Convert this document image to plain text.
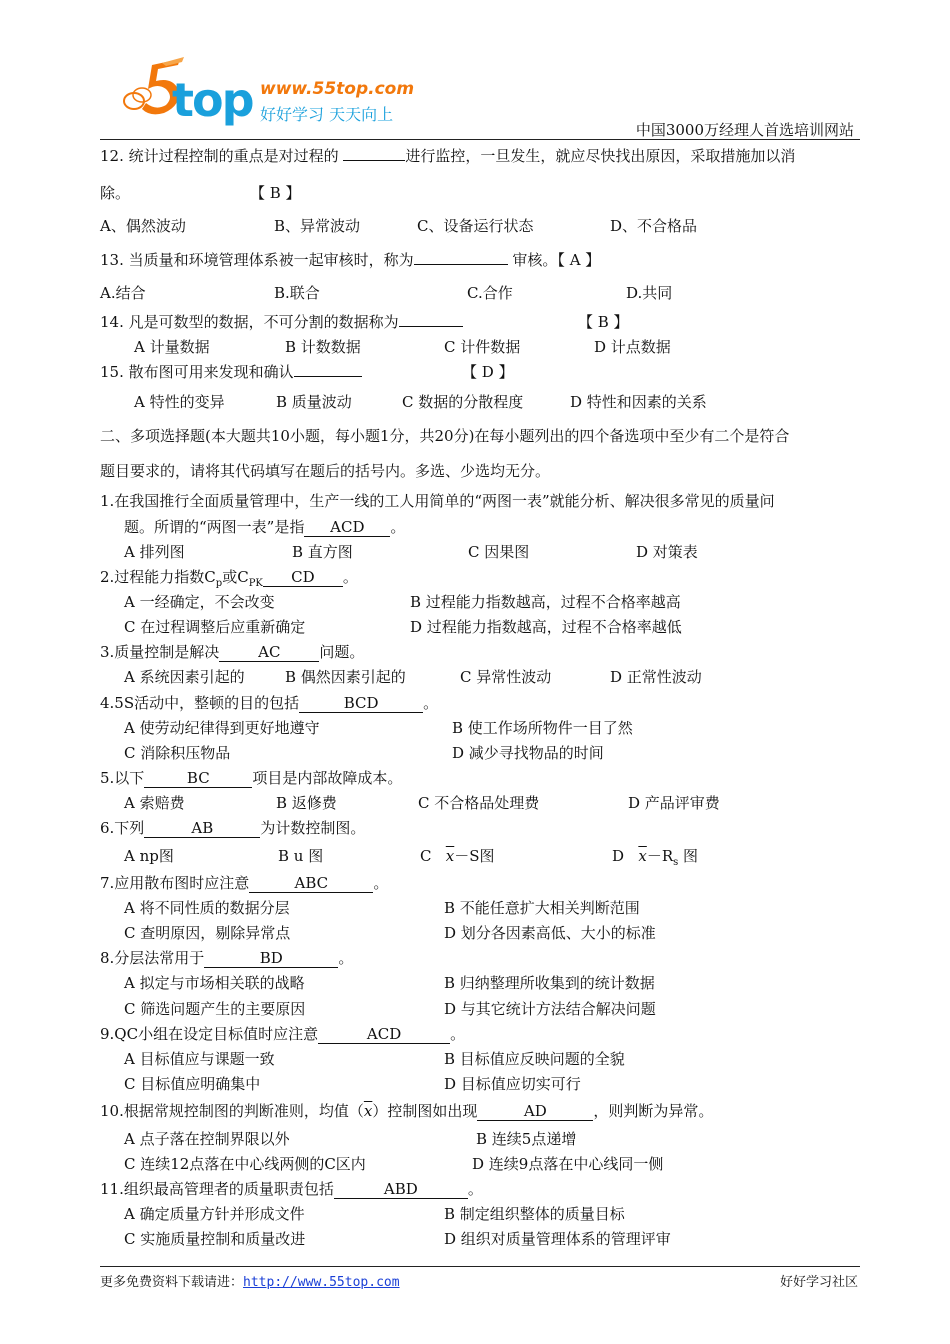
top www.55top.com
好好学习 天天向上
中国3000万经理人首选培训网站
12. 统计过程控制的重点是对过程的	进行监控，一旦发生，就应尽快找出原因，采取措施加以消
除。	【 B 】
A、偶然波动	B、异常波动	C、设备运行状态	D、不合格品
13. 当质量和环境管理体系被一起审核时，称为	审核。【 A 】
A.结合	B.联合	C.合作	D.共同
14. 凡是可数型的数据，不可分割的数据称为	【 B 】
A 计量数据	B 计数数据	C 计件数据	D 计点数据
15. 散布图可用来发现和确认	【 D 】
A 特性的变异	B 质量波动	C 数据的分散程度	D 特性和因素的关系
二、多项选择题(本大题共10小题，每小题1分，共20分)在每小题列出的四个备选项中至少有二个是符合
题目要求的，请将其代码填写在题后的括号内。多选、少选均无分。
1.在我国推行全面质量管理中，生产一线的工人用简单的“两图一表”就能分析、解决很多常见的质量问
题。所谓的“两图一表”是指 ACD 。
A 排列图	B 直方图	C 因果图	D 对策表
2.过程能力指数$C_p$或$C_{PK}$ CD 。
A 一经确定，不会改变	B 过程能力指数越高，过程不合格率越高
C 在过程调整后应重新确定	D 过程能力指数越高，过程不合格率越低
3.质量控制是解决	AC	问题。
A 系统因素引起的	B 偶然因素引起的	C 异常性波动	D 正常性波动
4.5S活动中，整顿的目的包括	BCD	。
A 使劳动纪律得到更好地遵守	B 使工作场所物件一目了然
C 消除积压物品	D 减少寻找物品的时间
5.以下	BC	项目是内部故障成本。
A 索赔费	B 返修费	C 不合格品处理费	D 产品评审费
6.下列	AB	为计数控制图。
A np图	B u 图	C $\overline{x}-S$图	D $\overline{x}-R_s$ 图
7.应用散布图时应注意	ABC	。
A 将不同性质的数据分层	B 不能任意扩大相关判断范围
C 查明原因，剔除异常点	D 划分各因素高低、大小的标准
8.分层法常用于	BD	。
A 拟定与市场相关联的战略	B 归纳整理所收集到的统计数据
C 筛选问题产生的主要原因	D 与其它统计方法结合解决问题
9.QC小组在设定目标值时应注意	ACD	。
A 目标值应与课题一致	B 目标值应反映问题的全貌
C 目标值应明确集中	D 目标值应切实可行
10.根据常规控制图的判断准则，均值$(\overline{x})$控制图如出现	AD	，则判断为异常。
A 点子落在控制界限以外	B 连续5点递增
C 连续12点落在中心线两侧的C区内	D 连续9点落在中心线同一侧
11.组织最高管理者的质量职责包括	ABD	。
A 确定质量方针并形成文件	B 制定组织整体的质量目标
C 实施质量控制和质量改进	D 组织对质量管理体系的管理评审
更多免费资料下载请进：http://www.55top.com	好好学习社区
